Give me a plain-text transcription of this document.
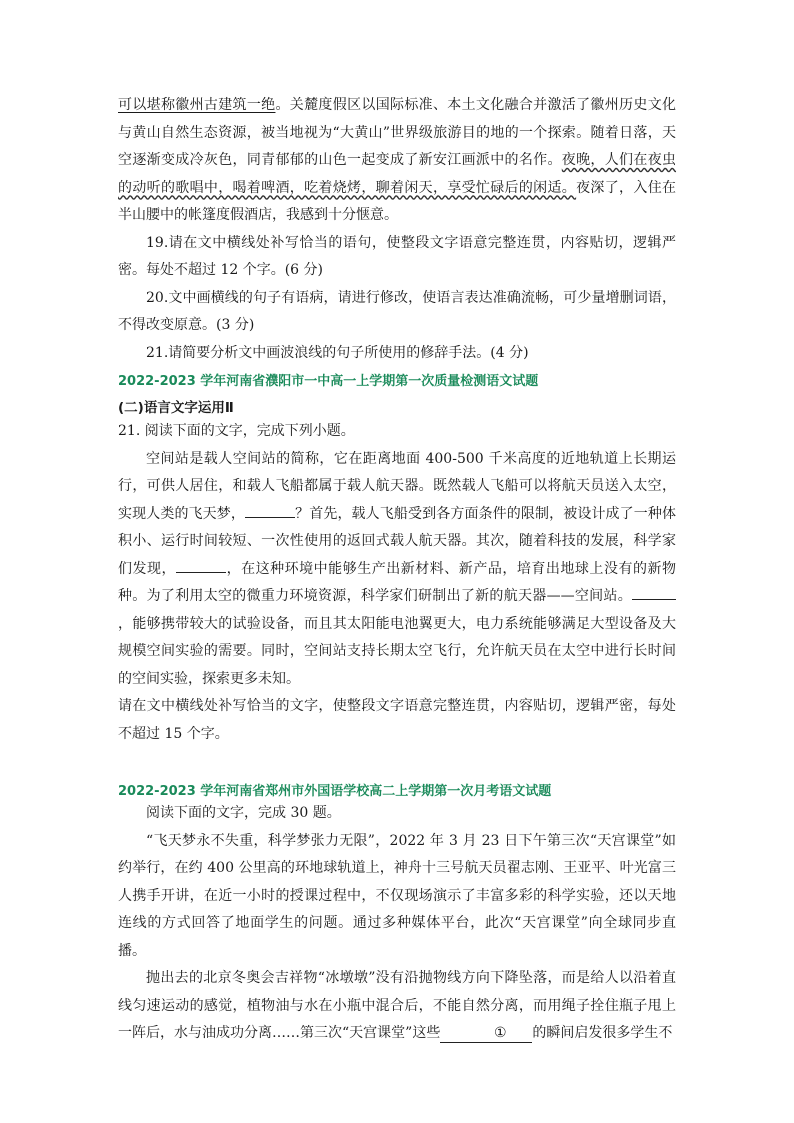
可以堪称徽州古建筑一绝。关麓度假区以国际标准、本土文化融合并激活了徽州历史文化与黄山自然生态资源，被当地视为“大黄山”世界级旅游目的地的一个探索。随着日落，天空逐渐变成冷灰色，同青郁郁的山色一起变成了新安江画派中的名作。夜晚，人们在夜虫的动听的歌唱中，喝着啤酒，吃着烧烤，聊着闲天，享受忙碌后的闲适。夜深了，入住在半山腰中的帐篷度假酒店，我感到十分惬意。

19.请在文中横线处补写恰当的语句，使整段文字语意完整连贯，内容贴切，逻辑严密。每处不超过 12 个字。(6 分)

20.文中画横线的句子有语病，请进行修改，使语言表达准确流畅，可少量增删词语，不得改变原意。(3 分)

21.请简要分析文中画波浪线的句子所使用的修辞手法。(4 分)

2022-2023 学年河南省濮阳市一中高一上学期第一次质量检测语文试题
(二)语言文字运用Ⅱ

21. 阅读下面的文字，完成下列小题。

空间站是载人空间站的简称，它在距离地面 400-500 千米高度的近地轨道上长期运行，可供人居住，和载人飞船都属于载人航天器。既然载人飞船可以将航天员送入太空，实现人类的飞天梦，	？首先，载人飞船受到各方面条件的限制，被设计成了一种体积小、运行时间较短、一次性使用的返回式载人航天器。其次，随着科技的发展，科学家们发现，	，在这种环境中能够生产出新材料、新产品，培育出地球上没有的新物种。为了利用太空的微重力环境资源，科学家们研制出了新的航天器——空间站。，能够携带较大的试验设备，而且其太阳能电池翼更大，电力系统能够满足大型设备及大规模空间实验的需要。同时，空间站支持长期太空飞行，允许航天员在太空中进行长时间的空间实验，探索更多未知。

请在文中横线处补写恰当的文字，使整段文字语意完整连贯，内容贴切，逻辑严密，每处不超过 15 个字。

2022-2023 学年河南省郑州市外国语学校高二上学期第一次月考语文试题

阅读下面的文字，完成 30 题。

“飞天梦永不失重，科学梦张力无限”，2022 年 3 月 23 日下午第三次“天宫课堂”如约举行，在约 400 公里高的环地球轨道上，神舟十三号航天员翟志刚、王亚平、叶光富三人携手开讲，在近一小时的授课过程中，不仅现场演示了丰富多彩的科学实验，还以天地连线的方式回答了地面学生的问题。通过多种媒体平台，此次“天宫课堂”向全球同步直播。

抛出去的北京冬奥会吉祥物“冰墩墩”没有沿抛物线方向下降坠落，而是给人以沿着直线匀速运动的感觉，植物油与水在小瓶中混合后，不能自然分离，而用绳子拴住瓶子甩上一阵后，水与油成功分离……第三次“天宫课堂”这些	① 的瞬间启发很多学生不
